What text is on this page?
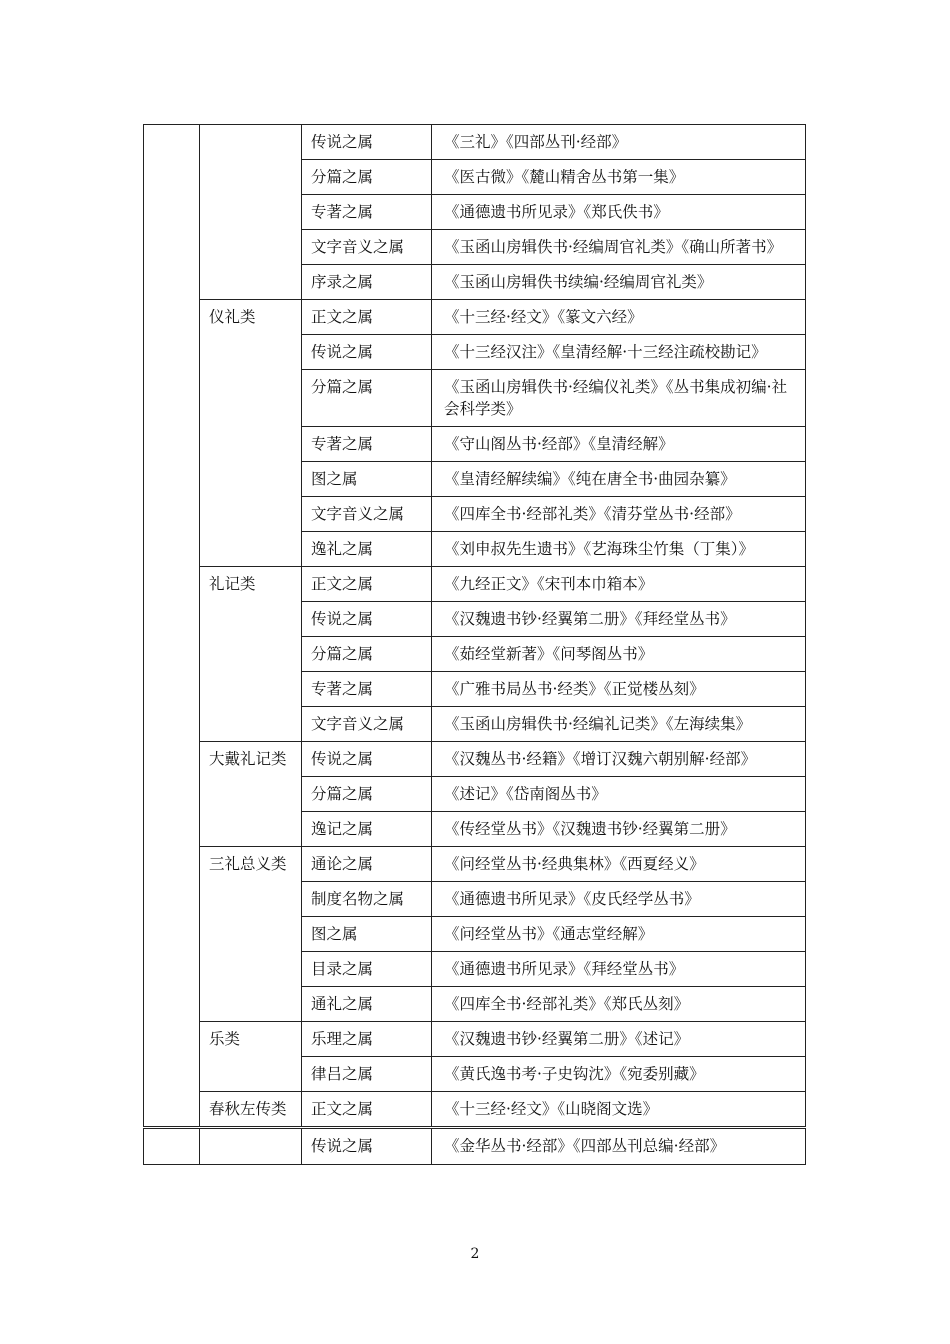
		传说之属	《三礼》《四部丛刊·经部》
		分篇之属	《医古微》《麓山精舍丛书第一集》
		专著之属	《通德遗书所见录》《郑氏佚书》
		文字音义之属	《玉函山房辑佚书·经编周官礼类》《确山所著书》
		序录之属	《玉函山房辑佚书续编·经编周官礼类》
	仪礼类	正文之属	《十三经·经文》《篆文六经》
		传说之属	《十三经汉注》《皇清经解·十三经注疏校勘记》
		分篇之属	《玉函山房辑佚书·经编仪礼类》《丛书集成初编·社会科学类》
		专著之属	《守山阁丛书·经部》《皇清经解》
		图之属	《皇清经解续编》《纯在唐全书·曲园杂纂》
		文字音义之属	《四库全书·经部礼类》《清芬堂丛书·经部》
		逸礼之属	《刘申叔先生遗书》《艺海珠尘竹集（丁集）》
	礼记类	正文之属	《九经正文》《宋刊本巾箱本》
		传说之属	《汉魏遗书钞·经翼第二册》《拜经堂丛书》
		分篇之属	《茹经堂新著》《问琴阁丛书》
		专著之属	《广雅书局丛书·经类》《正觉楼丛刻》
		文字音义之属	《玉函山房辑佚书·经编礼记类》《左海续集》
	大戴礼记类	传说之属	《汉魏丛书·经籍》《增订汉魏六朝别解·经部》
		分篇之属	《述记》《岱南阁丛书》
		逸记之属	《传经堂丛书》《汉魏遗书钞·经翼第二册》
	三礼总义类	通论之属	《问经堂丛书·经典集林》《西夏经义》
		制度名物之属	《通德遗书所见录》《皮氏经学丛书》
		图之属	《问经堂丛书》《通志堂经解》
		目录之属	《通德遗书所见录》《拜经堂丛书》
		通礼之属	《四库全书·经部礼类》《郑氏丛刻》
	乐类	乐理之属	《汉魏遗书钞·经翼第二册》《述记》
		律吕之属	《黄氏逸书考·子史钩沈》《宛委别藏》
	春秋左传类	正文之属	《十三经·经文》《山晓阁文选》
		传说之属	《金华丛书·经部》《四部丛刊总编·经部》
2
